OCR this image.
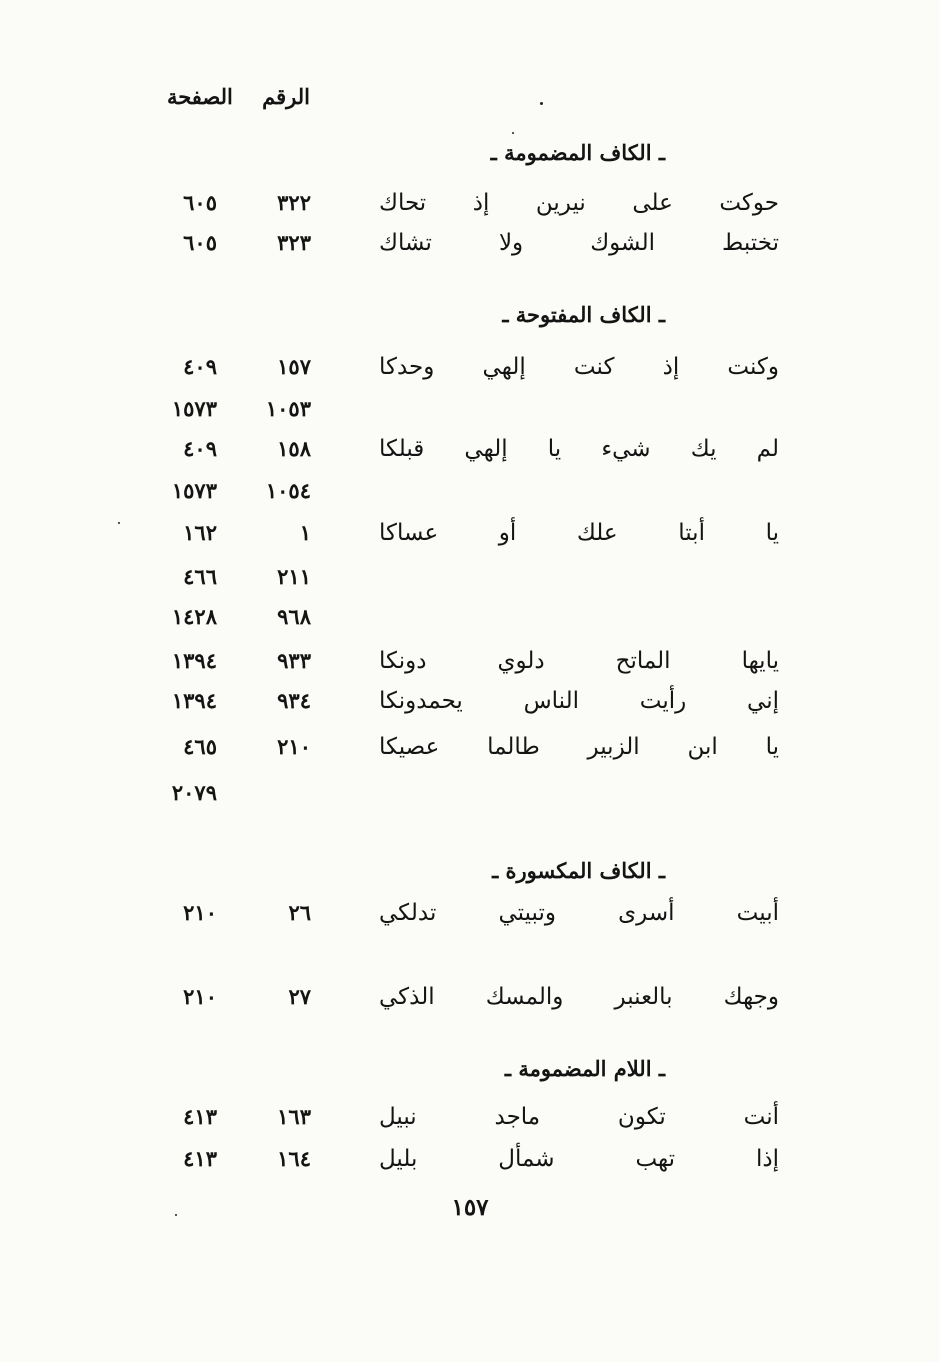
الرقم الصفحة
ـ الكاف المضمومة ـ
حوكت على نيرين إذ تحاك
٣٢٢
٦٠٥
تختبط الشوك ولا تشاك
٣٢٣
٦٠٥
ـ الكاف المفتوحة ـ
وكنت إذ كنت إلهي وحدكا
١٥٧
٤٠٩
١٠٥٣
١٥٧٣
لم يك شيء يا إلهي قبلكا
١٥٨
٤٠٩
١٠٥٤
١٥٧٣
يا أبتا علك أو عساكا
١
١٦٢
٢١١
٤٦٦
٩٦٨
١٤٢٨
يايها الماتح دلوي دونكا
٩٣٣
١٣٩٤
إني رأيت الناس يحمدونكا
٩٣٤
١٣٩٤
يا ابن الزبير طالما عصيكا
٢١٠
٤٦٥
٢٠٧٩
ـ الكاف المكسورة ـ
أبيت أسرى وتبيتي تدلكي
٢٦
٢١٠
وجهك بالعنبر والمسك الذكي
٢٧
٢١٠
ـ اللام المضمومة ـ
أنت تكون ماجد نبيل
١٦٣
٤١٣
إذا تهب شمأل بليل
١٦٤
٤١٣
١٥٧
